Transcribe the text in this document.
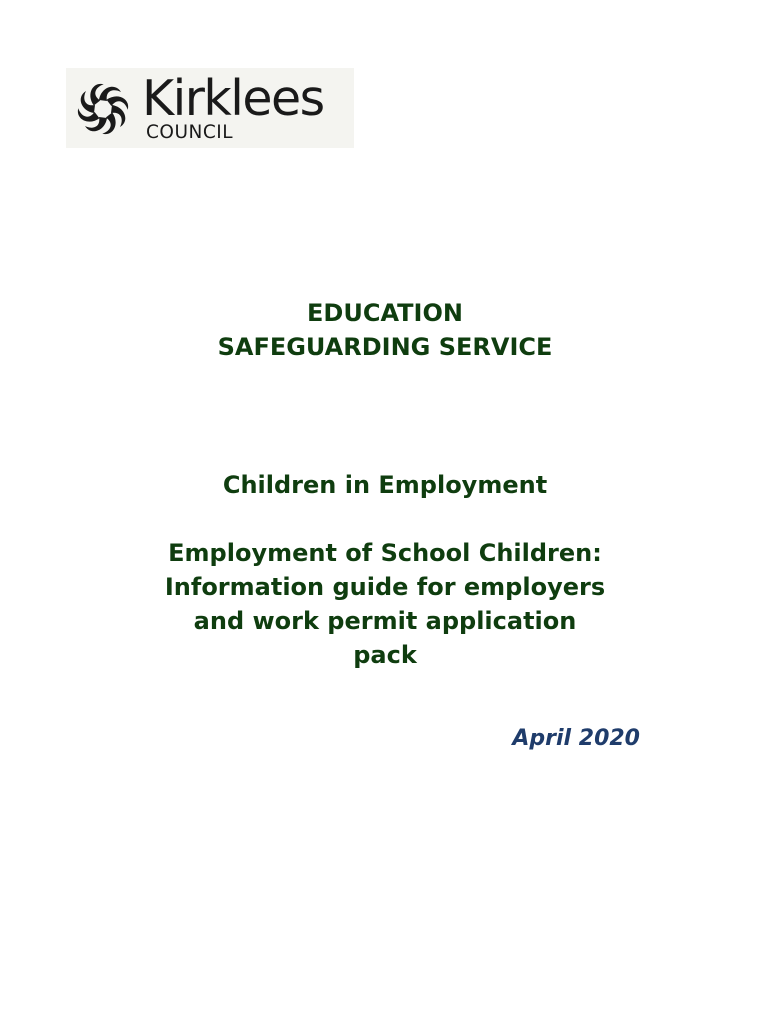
Kirklees
COUNCIL
EDUCATION
SAFEGUARDING SERVICE
Children in Employment
Employment of School Children:
Information guide for employers
and work permit application
pack
April 2020
